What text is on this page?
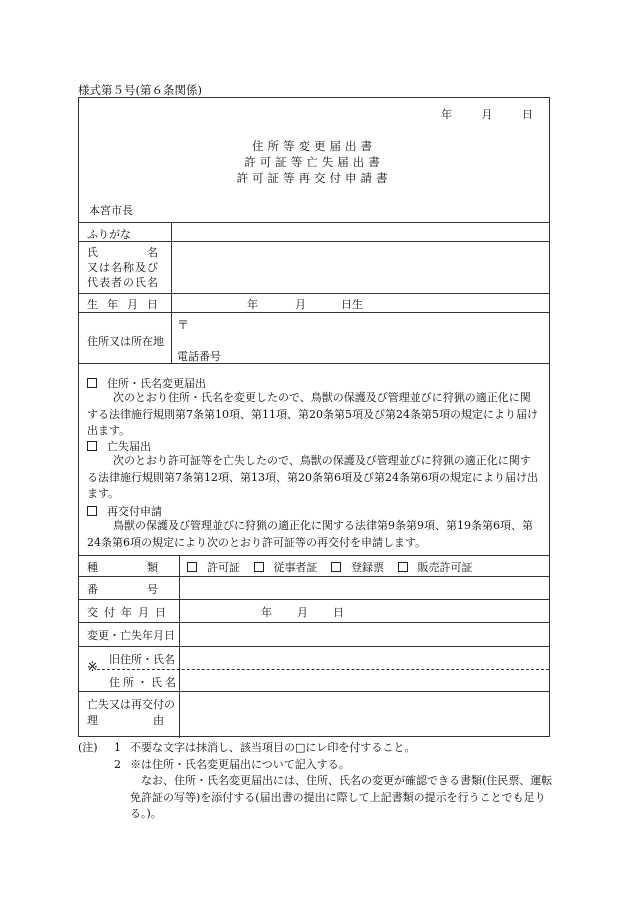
様式第５号(第６条関係)
年	月	日
住所等変更届出書
許可証等亡失届出書
許可証等再交付申請書
本宮市長
ふりがな
氏　　　　名
又は名称及び
代表者の氏名
生年月日	年	月	日生
住所又は所在地
〒
電話番号
住所・氏名変更届出
次のとおり住所・氏名を変更したので、鳥獣の保護及び管理並びに狩猟の適正化に関する法律施行規則第7条第10項、第11項、第20条第5項及び第24条第5項の規定により届け出ます。
亡失届出
次のとおり許可証等を亡失したので、鳥獣の保護及び管理並びに狩猟の適正化に関する法律施行規則第7条第12項、第13項、第20条第6項及び第24条第6項の規定により届け出ます。
再交付申請
鳥獣の保護及び管理並びに狩猟の適正化に関する法律第9条第9項、第19条第6項、第24条第6項の規定により次のとおり許可証等の再交付を申請します。
種　　　　類	許可証	従事者証	登録票	販売許可証
番　　　　号
交付年月日	年 月 日
変更・亡失年月日
※
旧住所・氏名
住所・氏名
亡失又は再交付の
理　　　　　由
(注) 1 不要な文字は抹消し、該当項目の□にレ印を付すること。

2 ※は住所・氏名変更届出について記入する。
なお、住所・氏名変更届出には、住所、氏名の変更が確認できる書類(住民票、運転免許証の写等)を添付する(届出書の提出に際して上記書類の提示を行うことでも足りる。)。
